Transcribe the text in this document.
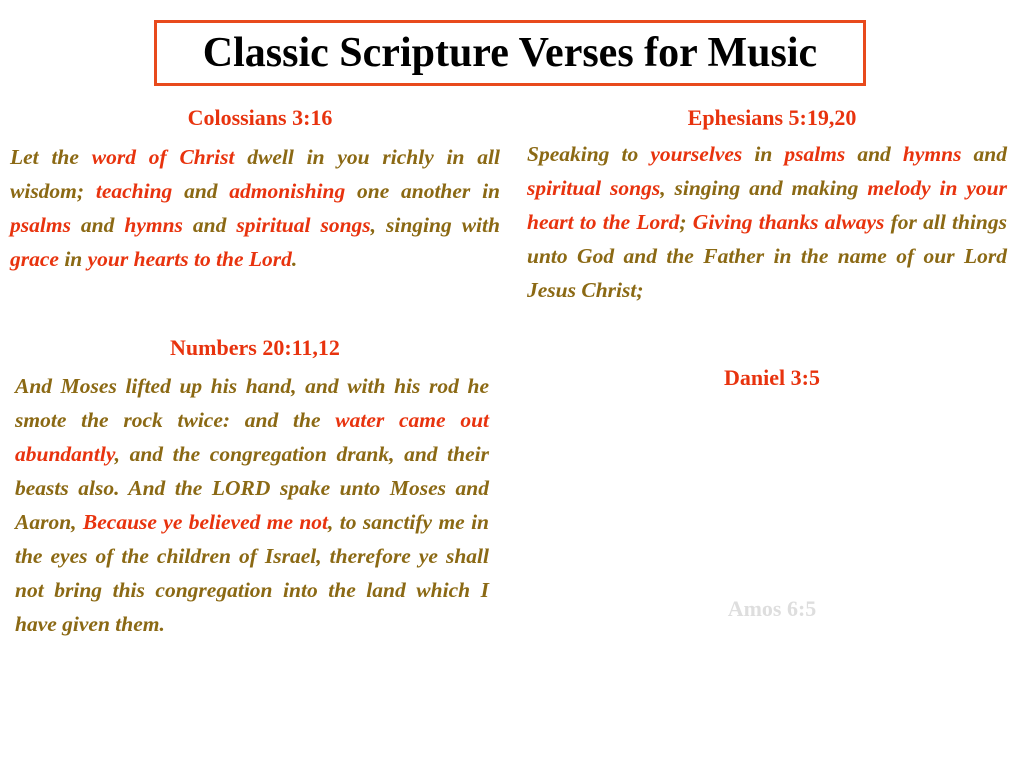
Classic Scripture Verses for Music
Colossians 3:16
Let the word of Christ dwell in you richly in all wisdom; teaching and admonishing one another in psalms and hymns and spiritual songs, singing with grace in your hearts to the Lord.
Numbers 20:11,12
And Moses lifted up his hand, and with his rod he smote the rock twice: and the water came out abundantly, and the congregation drank, and their beasts also. And the LORD spake unto Moses and Aaron, Because ye believed me not, to sanctify me in the eyes of the children of Israel, therefore ye shall not bring this congregation into the land which I have given them.
Ephesians 5:19,20
Speaking to yourselves in psalms and hymns and spiritual songs, singing and making melody in your heart to the Lord; Giving thanks always for all things unto God and the Father in the name of our Lord Jesus Christ;
Daniel 3:5
Amos 6:5
